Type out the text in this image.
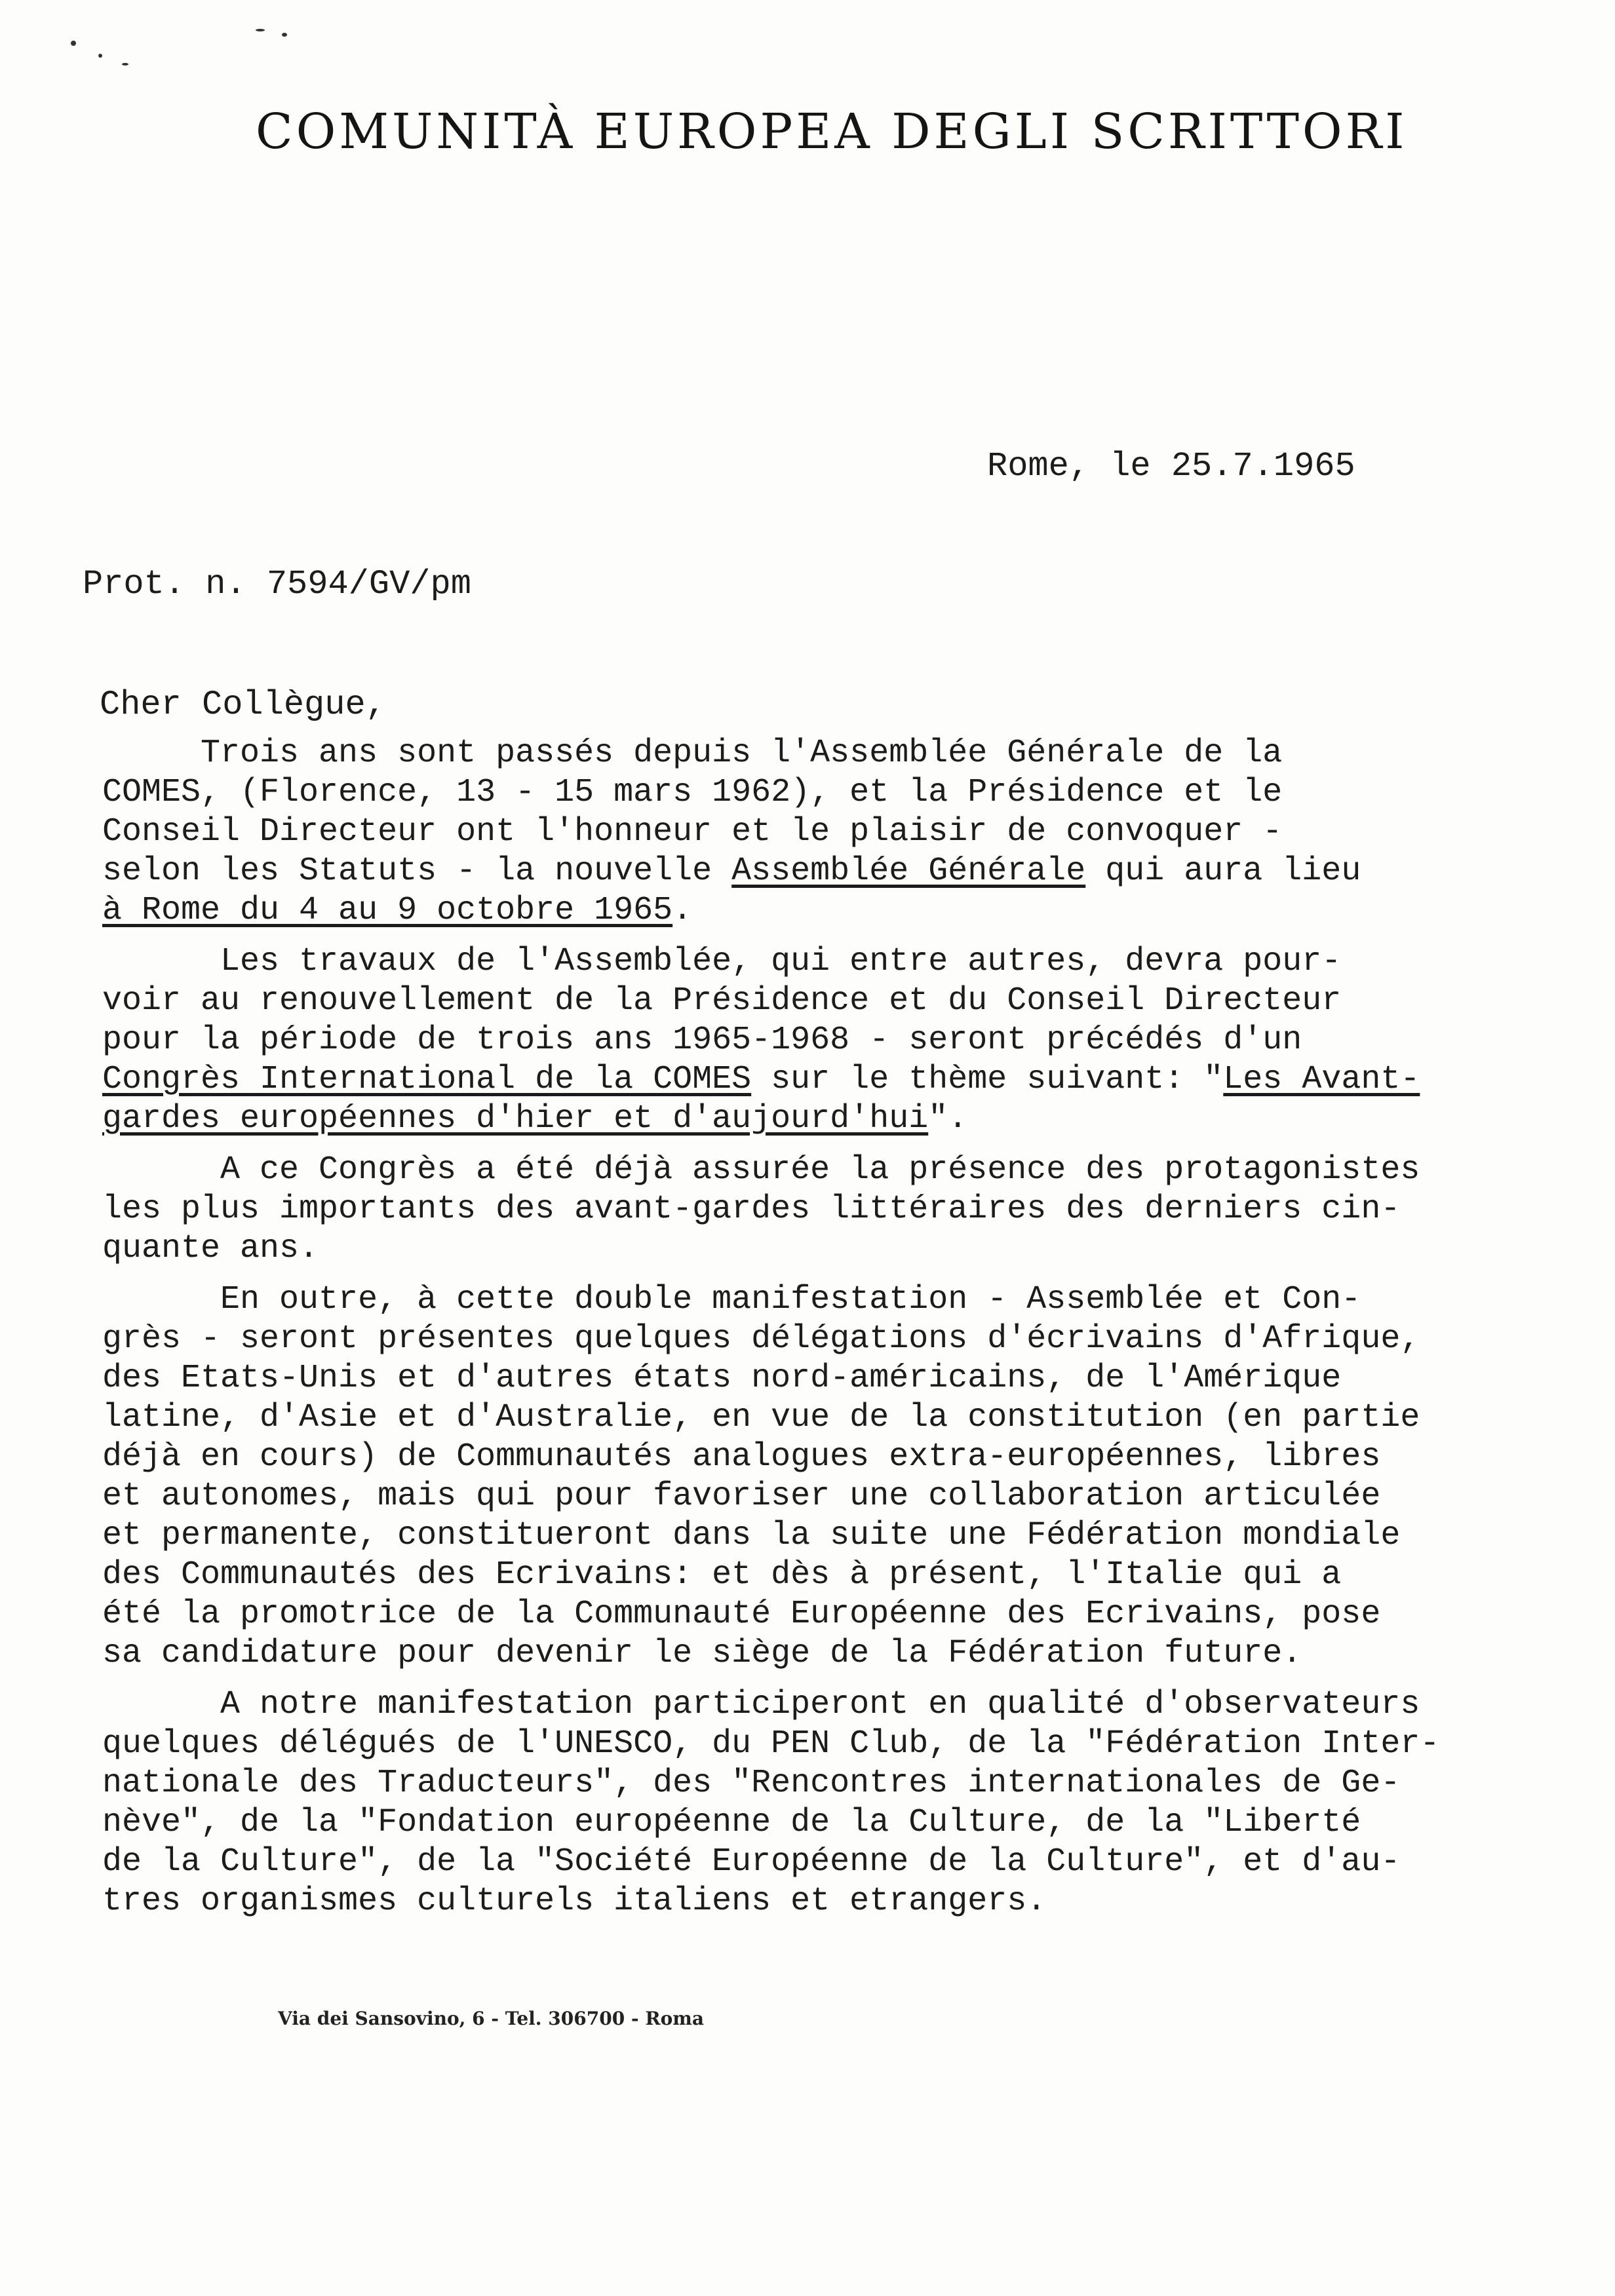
COMUNITÀ EUROPEA DEGLI SCRITTORI
Rome, le 25.7.1965
Prot. n. 7594/GV/pm
Cher Collègue,
Trois ans sont passés depuis l'Assemblée Générale de la
COMES, (Florence, 13 - 15 mars 1962), et la Présidence et le
Conseil Directeur ont l'honneur et le plaisir de convoquer -
selon les Statuts - la nouvelle Assemblée Générale qui aura lieu
à Rome du 4 au 9 octobre 1965.
Les travaux de l'Assemblée, qui entre autres, devra pour-
voir au renouvellement de la Présidence et du Conseil Directeur
pour la période de trois ans 1965-1968 - seront précédés d'un
Congrès International de la COMES sur le thème suivant: "Les Avant-
gardes européennes d'hier et d'aujourd'hui".
A ce Congrès a été déjà assurée la présence des protagonistes
les plus importants des avant-gardes littéraires des derniers cin-
quante ans.
En outre, à cette double manifestation - Assemblée et Con-
grès - seront présentes quelques délégations d'écrivains d'Afrique,
des Etats-Unis et d'autres états nord-américains, de l'Amérique
latine, d'Asie et d'Australie, en vue de la constitution (en partie
déjà en cours) de Communautés analogues extra-européennes, libres
et autonomes, mais qui pour favoriser une collaboration articulée
et permanente, constitueront dans la suite une Fédération mondiale
des Communautés des Ecrivains: et dès à présent, l'Italie qui a
été la promotrice de la Communauté Européenne des Ecrivains, pose
sa candidature pour devenir le siège de la Fédération future.
A notre manifestation participeront en qualité d'observateurs
quelques délégués de l'UNESCO, du PEN Club, de la "Fédération Inter-
nationale des Traducteurs", des "Rencontres internationales de Ge-
nève", de la "Fondation européenne de la Culture, de la "Liberté
de la Culture", de la "Société Européenne de la Culture", et d'au-
tres organismes culturels italiens et etrangers.
Via dei Sansovino, 6 - Tel. 306700 - Roma
